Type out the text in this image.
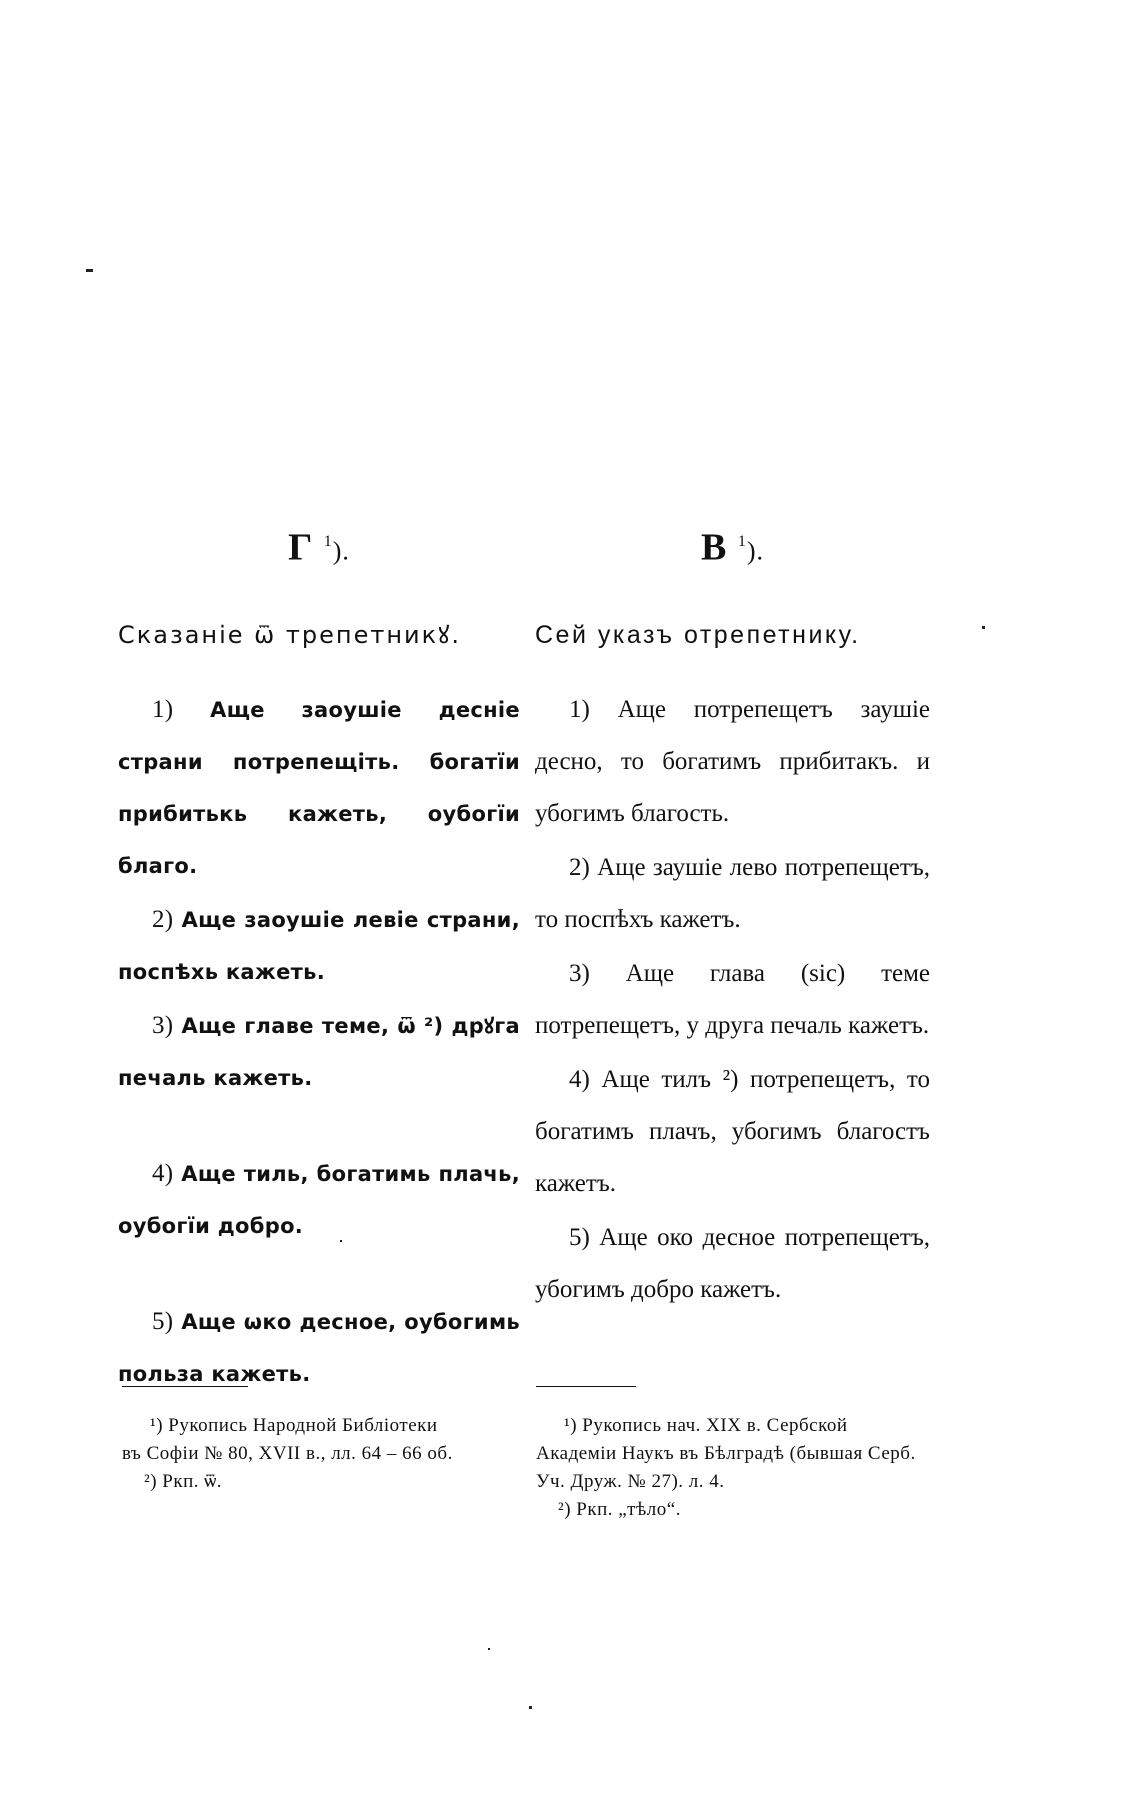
Г $^1$).
Сказаніе ѿ трепетникꙋ.

1) Аще заоушіе десніе страни потрепещіть. богатїи прибитькь кажеть, оубогїи благо.

2) Аще заоушіе левіе страни, поспѣхь кажеть.

3) Аще главе теме, ѿ ²) дрꙋга печаль кажеть.

4) Аще тиль, богатимь плачь, оубогїи добро.

5) Аще ѡко десное, оубогимь польза кажеть.

В $^1$).
Сей указъ отрепетнику.

1) Аще потрепещетъ заушіе десно, то богатимъ прибитакъ. и убогимъ благость.

2) Аще заушіе лево потрепещетъ, то поспѣхъ кажетъ.

3) Аще глава (sic) теме потрепещетъ, у друга печаль кажетъ.

4) Аще тилъ ²) потрепещетъ, то богатимъ плачъ, убогимъ благостъ кажетъ.

5) Аще око десное потрепещетъ, убогимъ добро кажетъ.

¹) Рукопись Народной Библіотеки

въ Софіи № 80, XVII в., лл. 64 – 66 об.

²) Ркп. ѿ.

¹) Рукопись нач. XIX в. Сербской

Академіи Наукъ въ Бѣлградѣ (бывшая Серб. Уч. Друж. № 27). л. 4.

²) Ркп. „тѣло“.
